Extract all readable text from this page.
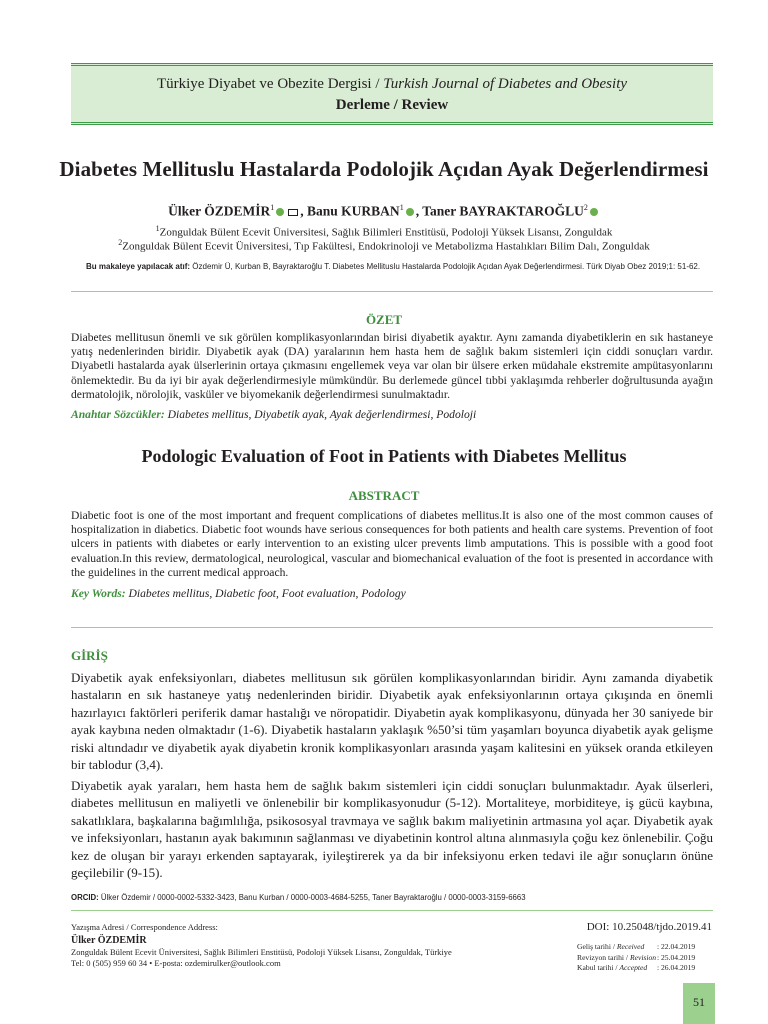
Türkiye Diyabet ve Obezite Dergisi / Turkish Journal of Diabetes and Obesity
Derleme / Review
Diabetes Mellituslu Hastalarda Podolojik Açıdan Ayak Değerlendirmesi
Ülker ÖZDEMİR$^1$ , Banu KURBAN$^1$ , Taner BAYRAKTAROĞLU$^2$
$^1$Zonguldak Bülent Ecevit Üniversitesi, Sağlık Bilimleri Enstitüsü, Podoloji Yüksek Lisansı, Zonguldak
$^2$Zonguldak Bülent Ecevit Üniversitesi, Tıp Fakültesi, Endokrinoloji ve Metabolizma Hastalıkları Bilim Dalı, Zonguldak
Bu makaleye yapılacak atıf: Özdemir Ü, Kurban B, Bayraktaroğlu T. Diabetes Mellituslu Hastalarda Podolojik Açıdan Ayak Değerlendirmesi. Türk Diyab Obez 2019;1: 51-62.
ÖZET
Diabetes mellitusun önemli ve sık görülen komplikasyonlarından birisi diyabetik ayaktır. Aynı zamanda diyabetiklerin en sık hastaneye yatış nedenlerinden biridir. Diyabetik ayak (DA) yaralarının hem hasta hem de sağlık bakım sistemleri için ciddi sonuçları vardır. Diyabetli hastalarda ayak ülserlerinin ortaya çıkmasını engellemek veya var olan bir ülsere erken müdahale ekstremite ampütasyonlarını önlemektedir. Bu da iyi bir ayak değerlendirmesiyle mümkündür. Bu derlemede güncel tıbbi yaklaşımda rehberler doğrultusunda ayağın dermatolojik, nörolojik, vasküler ve biyomekanik değerlendirmesi sunulmaktadır.
Anahtar Sözcükler: Diabetes mellitus, Diyabetik ayak, Ayak değerlendirmesi, Podoloji
Podologic Evaluation of Foot in Patients with Diabetes Mellitus
ABSTRACT
Diabetic foot is one of the most important and frequent complications of diabetes mellitus.It is also one of the most common causes of hospitalization in diabetics. Diabetic foot wounds have serious consequences for both patients and health care systems. Prevention of foot ulcers in patients with diabetes or early intervention to an existing ulcer prevents limb amputations. This is possible with a good foot evaluation.In this review, dermatological, neurological, vascular and biomechanical evaluation of the foot is presented in accordance with the guidelines in the current medical approach.
Key Words: Diabetes mellitus, Diabetic foot, Foot evaluation, Podology
GİRİŞ
Diyabetik ayak enfeksiyonları, diabetes mellitusun sık görülen komplikasyonlarından biridir. Aynı zamanda diyabetik hastaların en sık hastaneye yatış nedenlerinden biridir. Diyabetik ayak enfeksiyonlarının ortaya çıkışında en önemli hazırlayıcı faktörleri periferik damar hastalığı ve nöropatidir. Diyabetin ayak komplikasyonu, dünyada her 30 saniyede bir ayak kaybına neden olmaktadır (1-6). Diyabetik hastaların yaklaşık %50’si tüm yaşamları boyunca diyabetik ayak gelişme riski altındadır ve diyabetik ayak diyabetin kronik komplikasyonları arasında yaşam kalitesini en yüksek oranda etkileyen bir tablodur (3,4).
Diyabetik ayak yaraları, hem hasta hem de sağlık bakım sistemleri için ciddi sonuçları bulunmaktadır. Ayak ülserleri, diabetes mellitusun en maliyetli ve önlenebilir bir komplikasyonudur (5-12). Mortaliteye, morbiditeye, iş gücü kaybına, sakatlıklara, başkalarına bağımlılığa, psikososyal travmaya ve sağlık bakım maliyetinin artmasına yol açar. Diyabetik ayak ve infeksiyonları, hastanın ayak bakımının sağlanması ve diyabetinin kontrol altına alınmasıyla çoğu kez önlenebilir. Çoğu kez de oluşan bir yarayı erkenden saptayarak, iyileştirerek ya da bir infeksiyonu erken tedavi ile ağır sonuçların önüne geçilebilir (9-15).
ORCID: Ülker Özdemir / 0000-0002-5332-3423, Banu Kurban / 0000-0003-4684-5255, Taner Bayraktaroğlu / 0000-0003-3159-6663
Yazışma Adresi / Correspondence Address:
Ülker ÖZDEMİR
Zonguldak Bülent Ecevit Üniversitesi, Sağlık Bilimleri Enstitüsü, Podoloji Yüksek Lisansı, Zonguldak, Türkiye
Tel: 0 (505) 959 60 34 • E-posta: ozdemirulker@outlook.com
DOI: 10.25048/tjdo.2019.41
Geliş tarihi / Received	: 22.04.2019
Revizyon tarihi / Revision : 25.04.2019
Kabul tarihi / Accepted	: 26.04.2019
51
